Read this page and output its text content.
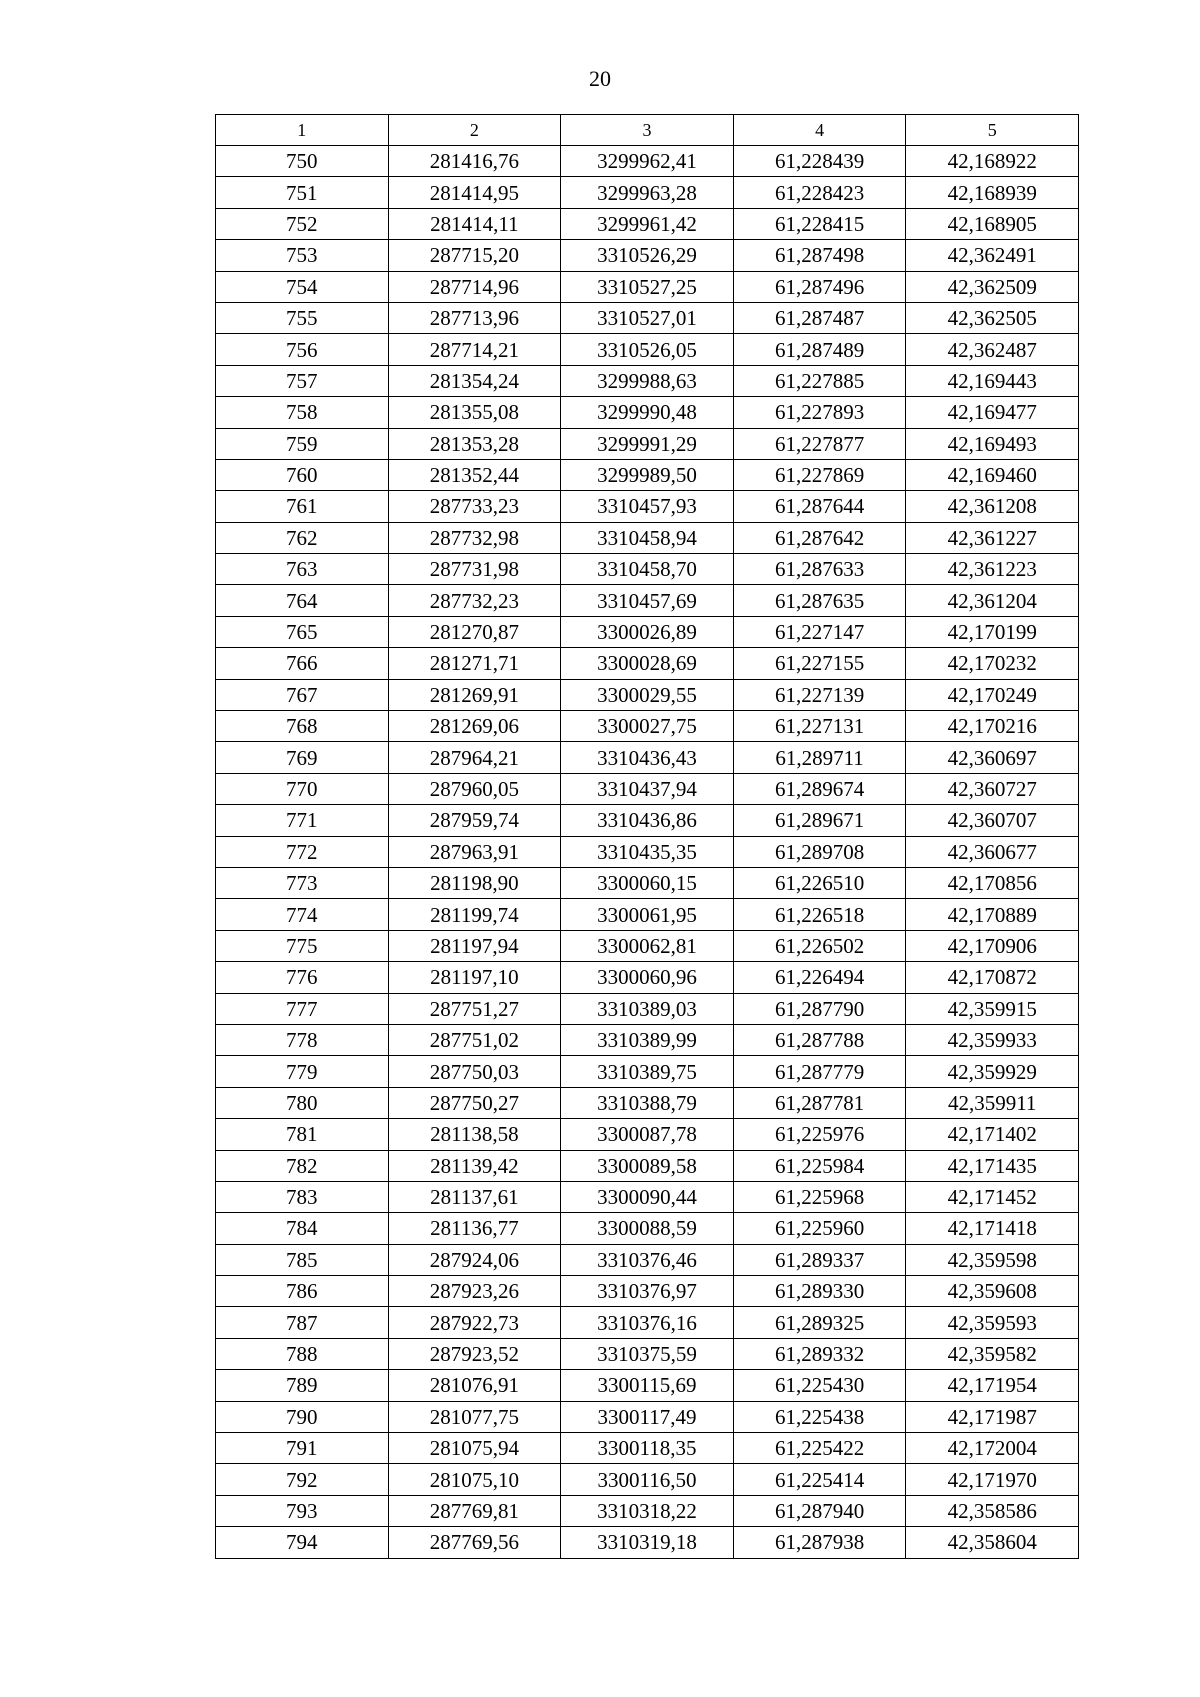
20
1	2	3	4	5
750	281416,76	3299962,41	61,228439	42,168922
751	281414,95	3299963,28	61,228423	42,168939
752	281414,11	3299961,42	61,228415	42,168905
753	287715,20	3310526,29	61,287498	42,362491
754	287714,96	3310527,25	61,287496	42,362509
755	287713,96	3310527,01	61,287487	42,362505
756	287714,21	3310526,05	61,287489	42,362487
757	281354,24	3299988,63	61,227885	42,169443
758	281355,08	3299990,48	61,227893	42,169477
759	281353,28	3299991,29	61,227877	42,169493
760	281352,44	3299989,50	61,227869	42,169460
761	287733,23	3310457,93	61,287644	42,361208
762	287732,98	3310458,94	61,287642	42,361227
763	287731,98	3310458,70	61,287633	42,361223
764	287732,23	3310457,69	61,287635	42,361204
765	281270,87	3300026,89	61,227147	42,170199
766	281271,71	3300028,69	61,227155	42,170232
767	281269,91	3300029,55	61,227139	42,170249
768	281269,06	3300027,75	61,227131	42,170216
769	287964,21	3310436,43	61,289711	42,360697
770	287960,05	3310437,94	61,289674	42,360727
771	287959,74	3310436,86	61,289671	42,360707
772	287963,91	3310435,35	61,289708	42,360677
773	281198,90	3300060,15	61,226510	42,170856
774	281199,74	3300061,95	61,226518	42,170889
775	281197,94	3300062,81	61,226502	42,170906
776	281197,10	3300060,96	61,226494	42,170872
777	287751,27	3310389,03	61,287790	42,359915
778	287751,02	3310389,99	61,287788	42,359933
779	287750,03	3310389,75	61,287779	42,359929
780	287750,27	3310388,79	61,287781	42,359911
781	281138,58	3300087,78	61,225976	42,171402
782	281139,42	3300089,58	61,225984	42,171435
783	281137,61	3300090,44	61,225968	42,171452
784	281136,77	3300088,59	61,225960	42,171418
785	287924,06	3310376,46	61,289337	42,359598
786	287923,26	3310376,97	61,289330	42,359608
787	287922,73	3310376,16	61,289325	42,359593
788	287923,52	3310375,59	61,289332	42,359582
789	281076,91	3300115,69	61,225430	42,171954
790	281077,75	3300117,49	61,225438	42,171987
791	281075,94	3300118,35	61,225422	42,172004
792	281075,10	3300116,50	61,225414	42,171970
793	287769,81	3310318,22	61,287940	42,358586
794	287769,56	3310319,18	61,287938	42,358604
